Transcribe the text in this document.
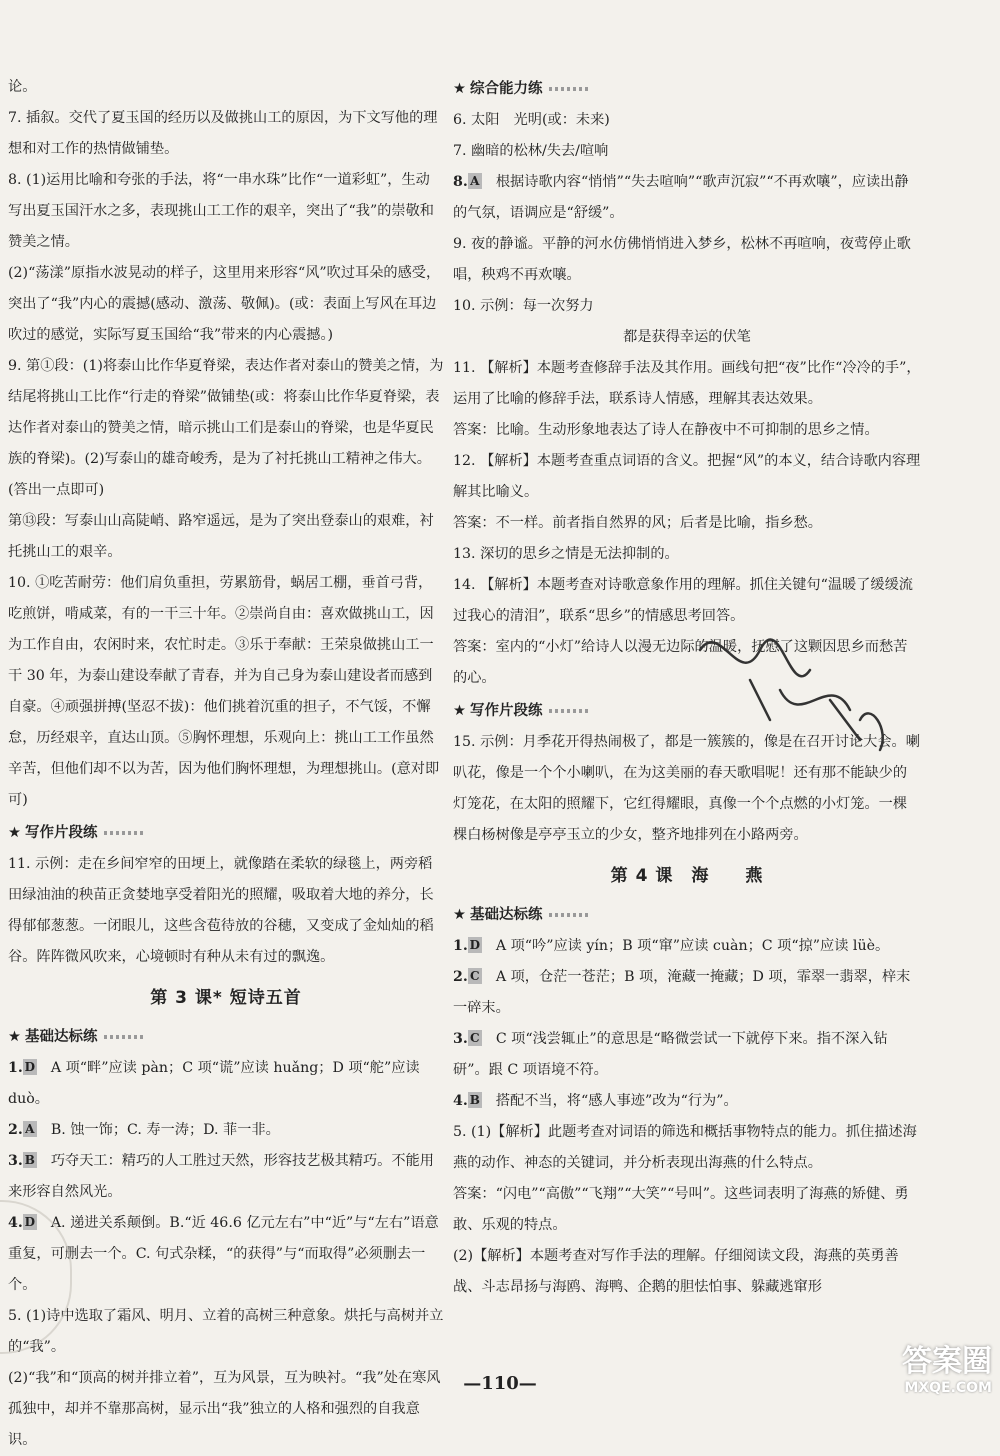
论。

7. 插叙。交代了夏玉国的经历以及做挑山工的原因，为下文写他的理想和对工作的热情做铺垫。

8. (1)运用比喻和夸张的手法，将“一串水珠”比作“一道彩虹”，生动写出夏玉国汗水之多，表现挑山工工作的艰辛，突出了“我”的崇敬和赞美之情。

(2)“荡漾”原指水波晃动的样子，这里用来形容“风”吹过耳朵的感受，突出了“我”内心的震撼(感动、激荡、敬佩)。(或：表面上写风在耳边吹过的感觉，实际写夏玉国给“我”带来的内心震撼。)

9. 第①段：(1)将泰山比作华夏脊梁，表达作者对泰山的赞美之情，为结尾将挑山工比作“行走的脊梁”做铺垫(或：将泰山比作华夏脊梁，表达作者对泰山的赞美之情，暗示挑山工们是泰山的脊梁，也是华夏民族的脊梁)。(2)写泰山的雄奇峻秀，是为了衬托挑山工精神之伟大。(答出一点即可)

第⑬段：写泰山山高陡峭、路窄遥远，是为了突出登泰山的艰难，衬托挑山工的艰辛。

10. ①吃苦耐劳：他们肩负重担，劳累筋骨，蜗居工棚，垂首弓背，吃煎饼，啃咸菜，有的一干三十年。②崇尚自由：喜欢做挑山工，因为工作自由，农闲时来，农忙时走。③乐于奉献：王荣泉做挑山工一干 30 年，为泰山建设奉献了青春，并为自己身为泰山建设者而感到自豪。④顽强拼搏(坚忍不拔)：他们挑着沉重的担子，不气馁，不懈怠，历经艰辛，直达山顶。⑤胸怀理想，乐观向上：挑山工工作虽然辛苦，但他们却不以为苦，因为他们胸怀理想，为理想挑山。(意对即可)

★ 写作片段练

11. 示例：走在乡间窄窄的田埂上，就像踏在柔软的绿毯上，两旁稻田绿油油的秧苗正贪婪地享受着阳光的照耀，吸取着大地的养分，长得郁郁葱葱。一闭眼儿，这些含苞待放的谷穗，又变成了金灿灿的稻谷。阵阵微风吹来，心境顿时有种从未有过的飘逸。

第 3 课* 短诗五首
★ 基础达标练

1. D A 项“畔”应读 pàn；C 项“谎”应读 huǎng；D 项“舵”应读 duò。

2. A B. 蚀一饰；C. 寿一涛；D. 菲一非。

3. B 巧夺天工：精巧的人工胜过天然，形容技艺极其精巧。不能用来形容自然风光。

4. D A. 递进关系颠倒。B.“近 46.6 亿元左右”中“近”与“左右”语意重复，可删去一个。C. 句式杂糅，“的获得”与“而取得”必须删去一个。

5. (1)诗中选取了霜风、明月、立着的高树三种意象。烘托与高树并立的“我”。

(2)“我”和“顶高的树并排立着”，互为风景，互为映衬。“我”处在寒风孤独中，却并不靠那高树，显示出“我”独立的人格和强烈的自我意识。

★ 综合能力练

6. 太阳　光明(或：未来)

7. 幽暗的松林/失去/喧响

8. A 根据诗歌内容“悄悄”“失去喧响”“歌声沉寂”“不再欢嚷”，应读出静的气氛，语调应是“舒缓”。

9. 夜的静谧。平静的河水仿佛悄悄进入梦乡，松林不再喧响，夜莺停止歌唱，秧鸡不再欢嚷。

10. 示例：每一次努力

都是获得幸运的伏笔

11. 【解析】本题考查修辞手法及其作用。画线句把“夜”比作“冷冷的手”，运用了比喻的修辞手法，联系诗人情感，理解其表达效果。

答案：比喻。生动形象地表达了诗人在静夜中不可抑制的思乡之情。

12. 【解析】本题考查重点词语的含义。把握“风”的本义，结合诗歌内容理解其比喻义。

答案：不一样。前者指自然界的风；后者是比喻，指乡愁。

13. 深切的思乡之情是无法抑制的。

14. 【解析】本题考查对诗歌意象作用的理解。抓住关键句“温暖了缓缓流过我心的清泪”，联系“思乡”的情感思考回答。

答案：室内的“小灯”给诗人以漫无边际的温暖，抚慰了这颗因思乡而愁苦的心。

★ 写作片段练

15. 示例：月季花开得热闹极了，都是一簇簇的，像是在召开讨论大会。喇叭花，像是一个个小喇叭，在为这美丽的春天歌唱呢！还有那不能缺少的灯笼花，在太阳的照耀下，它红得耀眼，真像一个个点燃的小灯笼。一棵棵白杨树像是亭亭玉立的少女，整齐地排列在小路两旁。

第 4 课　海　　燕
★ 基础达标练

1. D A 项“吟”应读 yín；B 项“窜”应读 cuàn；C 项“掠”应读 lüè。

2. C A 项，仓茫一苍茫；B 项，淹藏一掩藏；D 项，霏翠一翡翠，梓末一碎末。

3. C C 项“浅尝辄止”的意思是“略微尝试一下就停下来。指不深入钻研”。跟 C 项语境不符。

4. B 搭配不当，将“感人事迹”改为“行为”。

5. (1)【解析】此题考查对词语的筛选和概括事物特点的能力。抓住描述海燕的动作、神态的关键词，并分析表现出海燕的什么特点。

答案：“闪电”“高傲”“飞翔”“大笑”“号叫”。这些词表明了海燕的矫健、勇敢、乐观的特点。

(2)【解析】本题考查对写作手法的理解。仔细阅读文段，海燕的英勇善战、斗志昂扬与海鸥、海鸭、企鹅的胆怯怕事、躲藏逃窜形

—110—
答案圈
MXQE.COM
